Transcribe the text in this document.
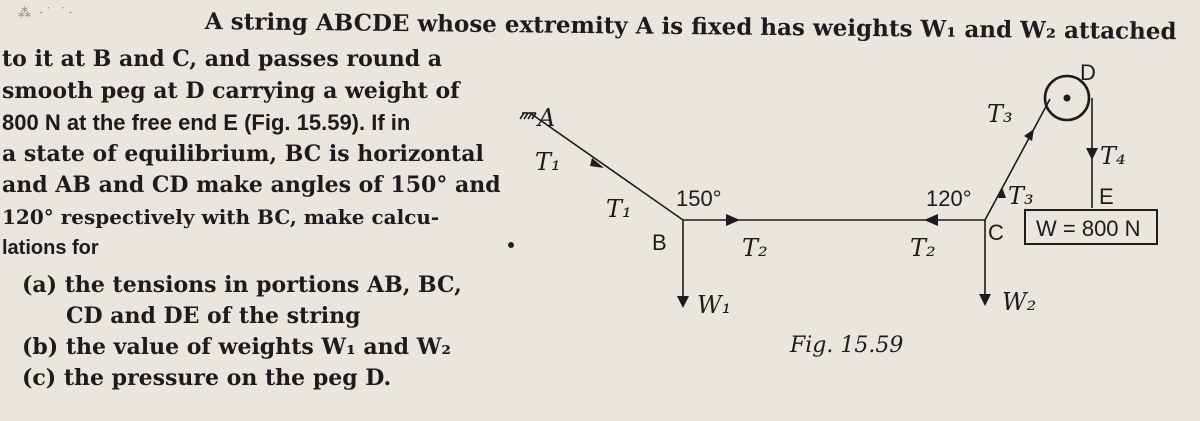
⁂ ·˙ ˙·	A string ABCDE whose extremity A is fixed has weights W₁ and W₂ attached
to it at B and C, and passes round a
smooth peg at D carrying a weight of
800 N at the free end E (Fig. 15.59). If in
a state of equilibrium, BC is horizontal
and AB and CD make angles of 150° and
120° respectively with BC, make calcu-
lations for
(a) the tensions in portions AB, BC,
CD and DE of the string
(b) the value of weights W₁ and W₂
(c) the pressure on the peg D.
A
T₁
T₁ 150°
B	T₂
W₁
T₂
120°
C
W₂
T₃
T₃
D
T₄
E
W = 800 N
Fig. 15.59
